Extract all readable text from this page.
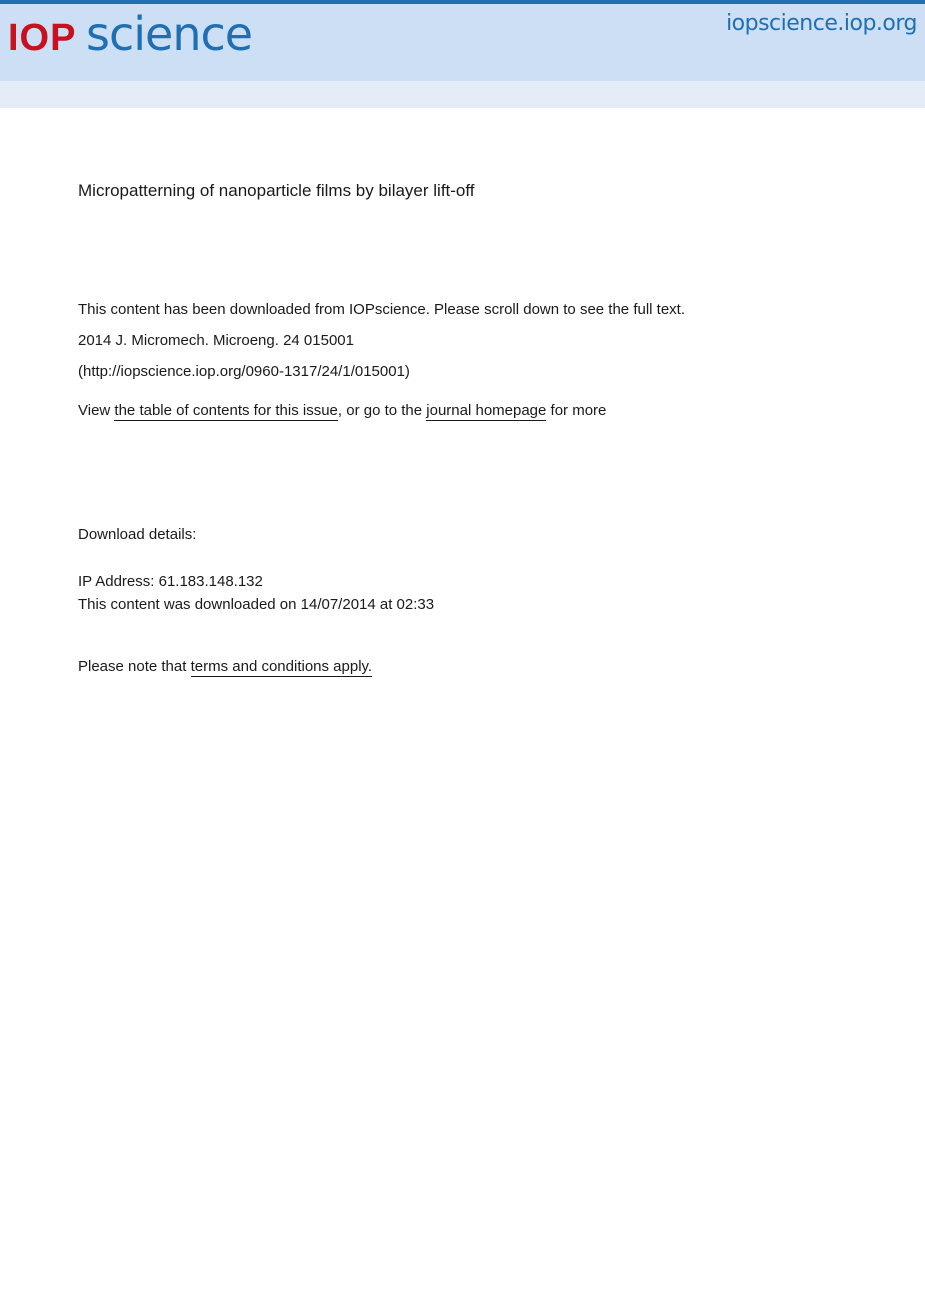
IOP science	iopscience.iop.org
Micropatterning of nanoparticle films by bilayer lift-off
This content has been downloaded from IOPscience. Please scroll down to see the full text.
2014 J. Micromech. Microeng. 24 015001
(http://iopscience.iop.org/0960-1317/24/1/015001)
View the table of contents for this issue, or go to the journal homepage for more
Download details:
IP Address: 61.183.148.132
This content was downloaded on 14/07/2014 at 02:33
Please note that terms and conditions apply.
